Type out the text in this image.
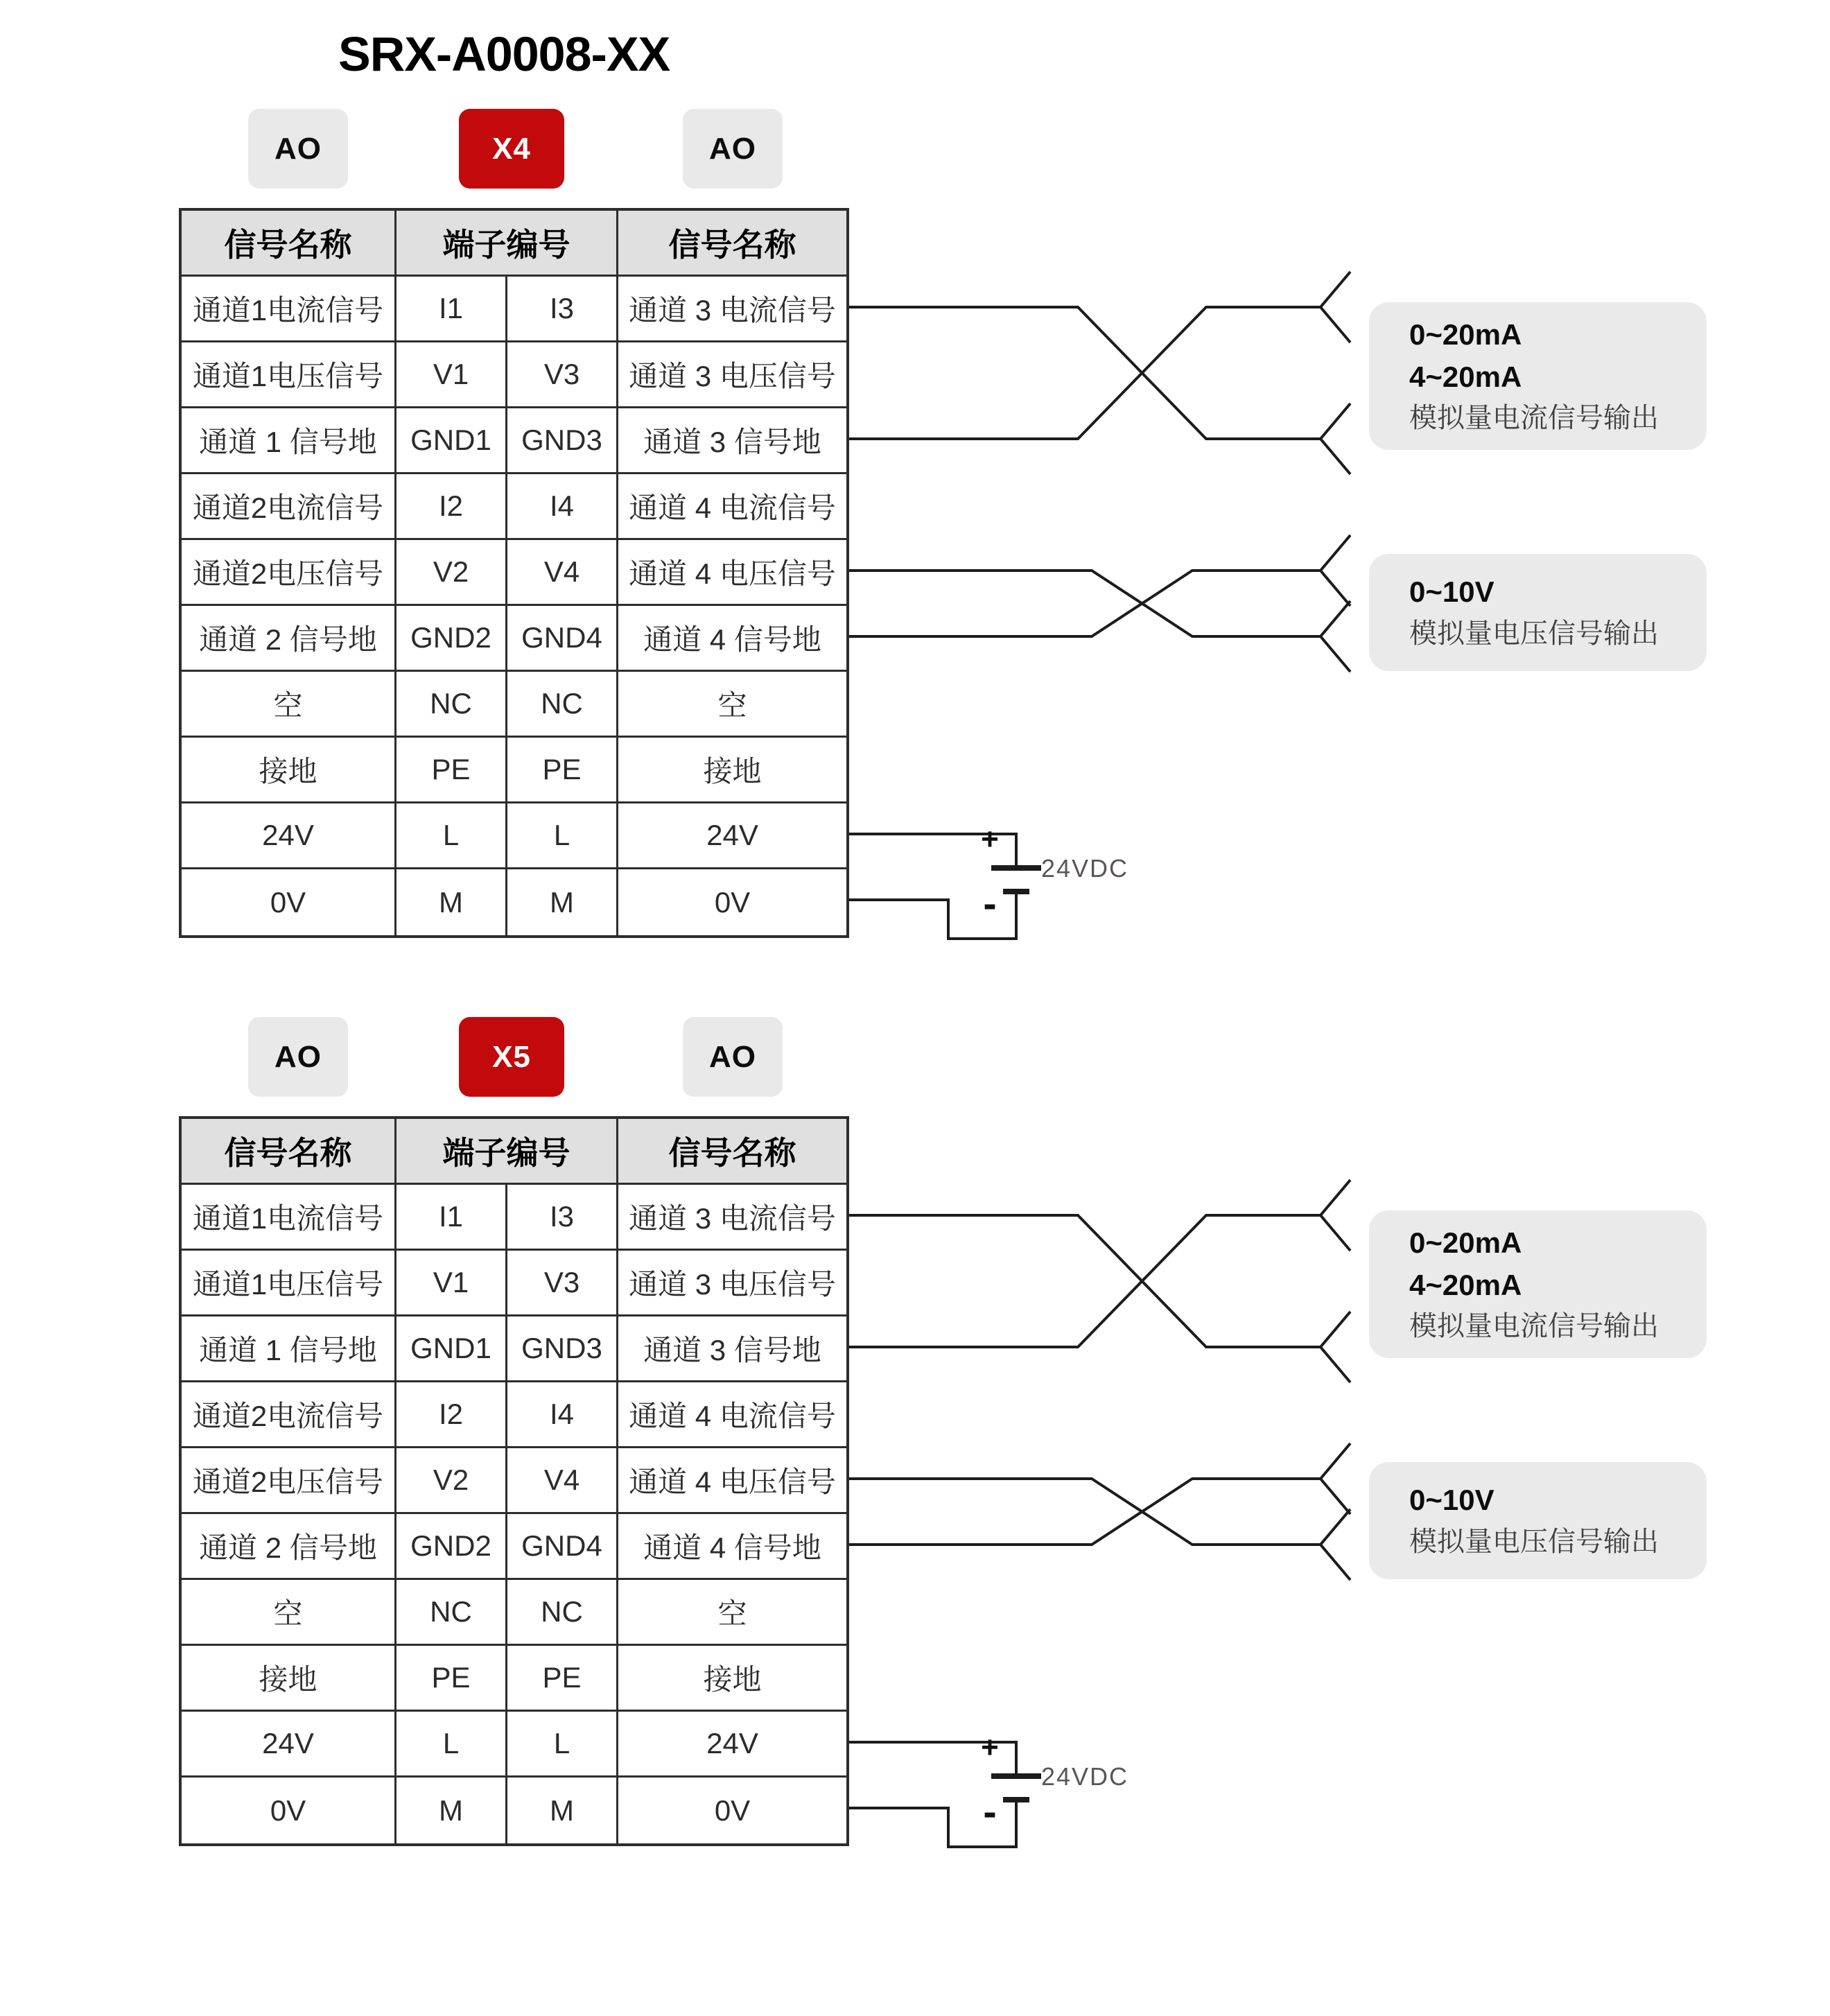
SRX-A0008-XX
AO	X4	AO
信号名称	端子编号	信号名称
通道1电流信号	I1	I3	通道 3 电流信号
通道1电压信号	V1	V3	通道 3 电压信号
通道 1 信号地	GND1	GND3	通道 3 信号地
通道2电流信号	I2	I4	通道 4 电流信号
通道2电压信号	V2	V4	通道 4 电压信号
通道 2 信号地	GND2	GND4	通道 4 信号地
空	NC	NC	空
接地	PE	PE	接地
24V	L	L	24V
0V	M	M	0V
0~20mA
4~20mA
模拟量电流信号输出
0~10V
模拟量电压信号输出
+
-
24VDC
AO	X5	AO
信号名称	端子编号	信号名称
通道1电流信号	I1	I3	通道 3 电流信号
通道1电压信号	V1	V3	通道 3 电压信号
通道 1 信号地	GND1	GND3	通道 3 信号地
通道2电流信号	I2	I4	通道 4 电流信号
通道2电压信号	V2	V4	通道 4 电压信号
通道 2 信号地	GND2	GND4	通道 4 信号地
空	NC	NC	空
接地	PE	PE	接地
24V	L	L	24V
0V	M	M	0V
0~20mA
4~20mA
模拟量电流信号输出
0~10V
模拟量电压信号输出
+
-
24VDC
